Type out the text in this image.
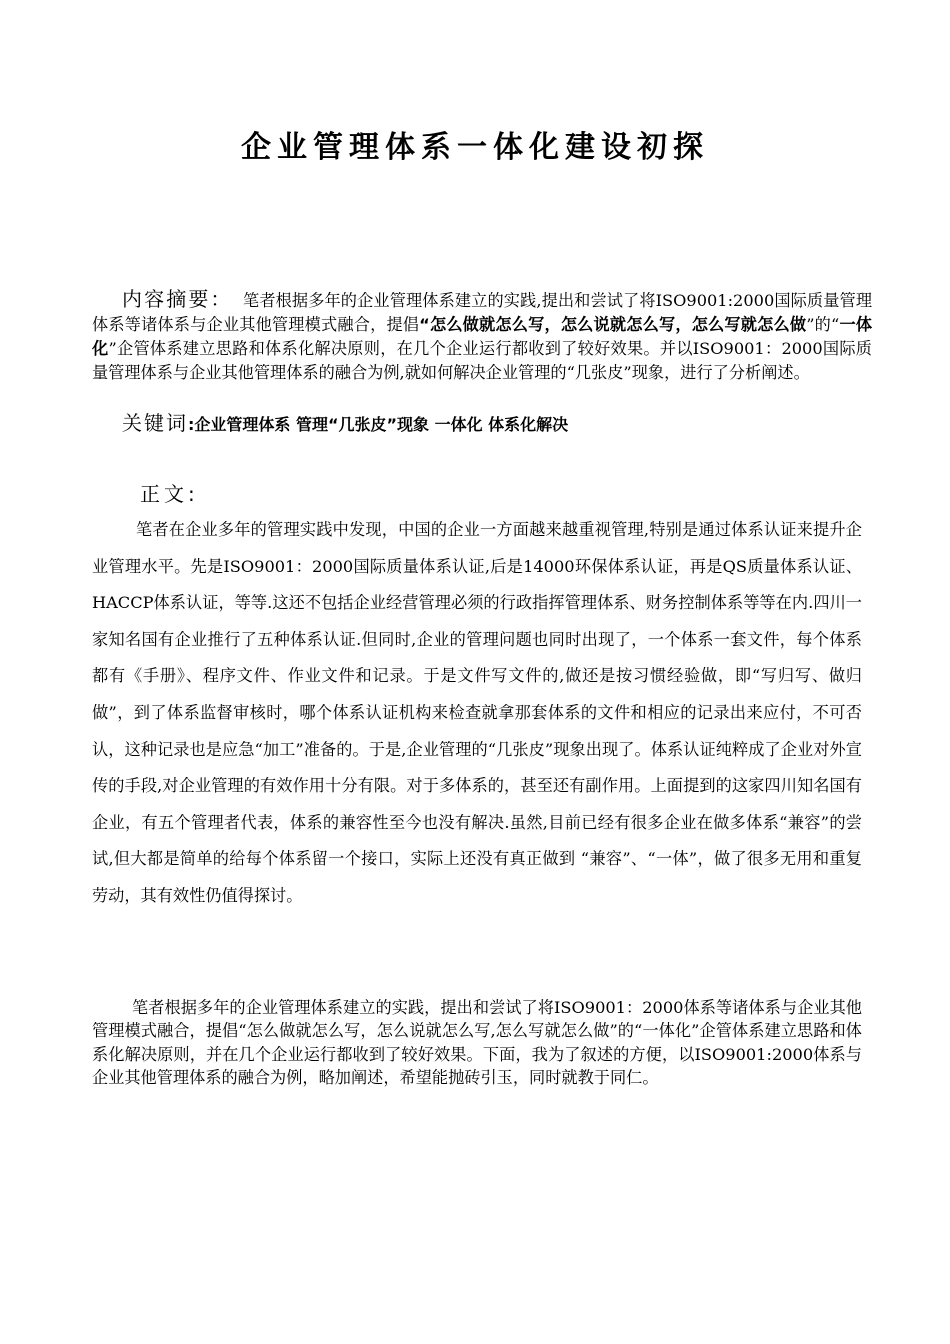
企业管理体系一体化建设初探
内容摘要： 笔者根据多年的企业管理体系建立的实践,提出和尝试了将ISO9001:2000国际质量管理体系等诸体系与企业其他管理模式融合，提倡“怎么做就怎么写，怎么说就怎么写，怎么写就怎么做”的“一体化”企管体系建立思路和体系化解决原则，在几个企业运行都收到了较好效果。并以ISO9001：2000国际质量管理体系与企业其他管理体系的融合为例,就如何解决企业管理的“几张皮”现象，进行了分析阐述。
关键词:企业管理体系 管理“几张皮”现象 一体化 体系化解决
正文:
笔者在企业多年的管理实践中发现，中国的企业一方面越来越重视管理,特别是通过体系认证来提升企业管理水平。先是ISO9001：2000国际质量体系认证,后是14000环保体系认证，再是QS质量体系认证、HACCP体系认证，等等.这还不包括企业经营管理必须的行政指挥管理体系、财务控制体系等等在内.四川一家知名国有企业推行了五种体系认证.但同时,企业的管理问题也同时出现了，一个体系一套文件，每个体系都有《手册》、程序文件、作业文件和记录。于是文件写文件的,做还是按习惯经验做，即“写归写、做归做”，到了体系监督审核时，哪个体系认证机构来检查就拿那套体系的文件和相应的记录出来应付，不可否认，这种记录也是应急“加工”准备的。于是,企业管理的“几张皮”现象出现了。体系认证纯粹成了企业对外宣传的手段,对企业管理的有效作用十分有限。对于多体系的，甚至还有副作用。上面提到的这家四川知名国有企业，有五个管理者代表，体系的兼容性至今也没有解决.虽然,目前已经有很多企业在做多体系“兼容”的尝试,但大都是简单的给每个体系留一个接口，实际上还没有真正做到 “兼容”、“一体”，做了很多无用和重复劳动，其有效性仍值得探讨。
笔者根据多年的企业管理体系建立的实践，提出和尝试了将ISO9001：2000体系等诸体系与企业其他管理模式融合，提倡“怎么做就怎么写，怎么说就怎么写,怎么写就怎么做”的“一体化”企管体系建立思路和体系化解决原则，并在几个企业运行都收到了较好效果。下面，我为了叙述的方便，以ISO9001:2000体系与企业其他管理体系的融合为例，略加阐述，希望能抛砖引玉，同时就教于同仁。
